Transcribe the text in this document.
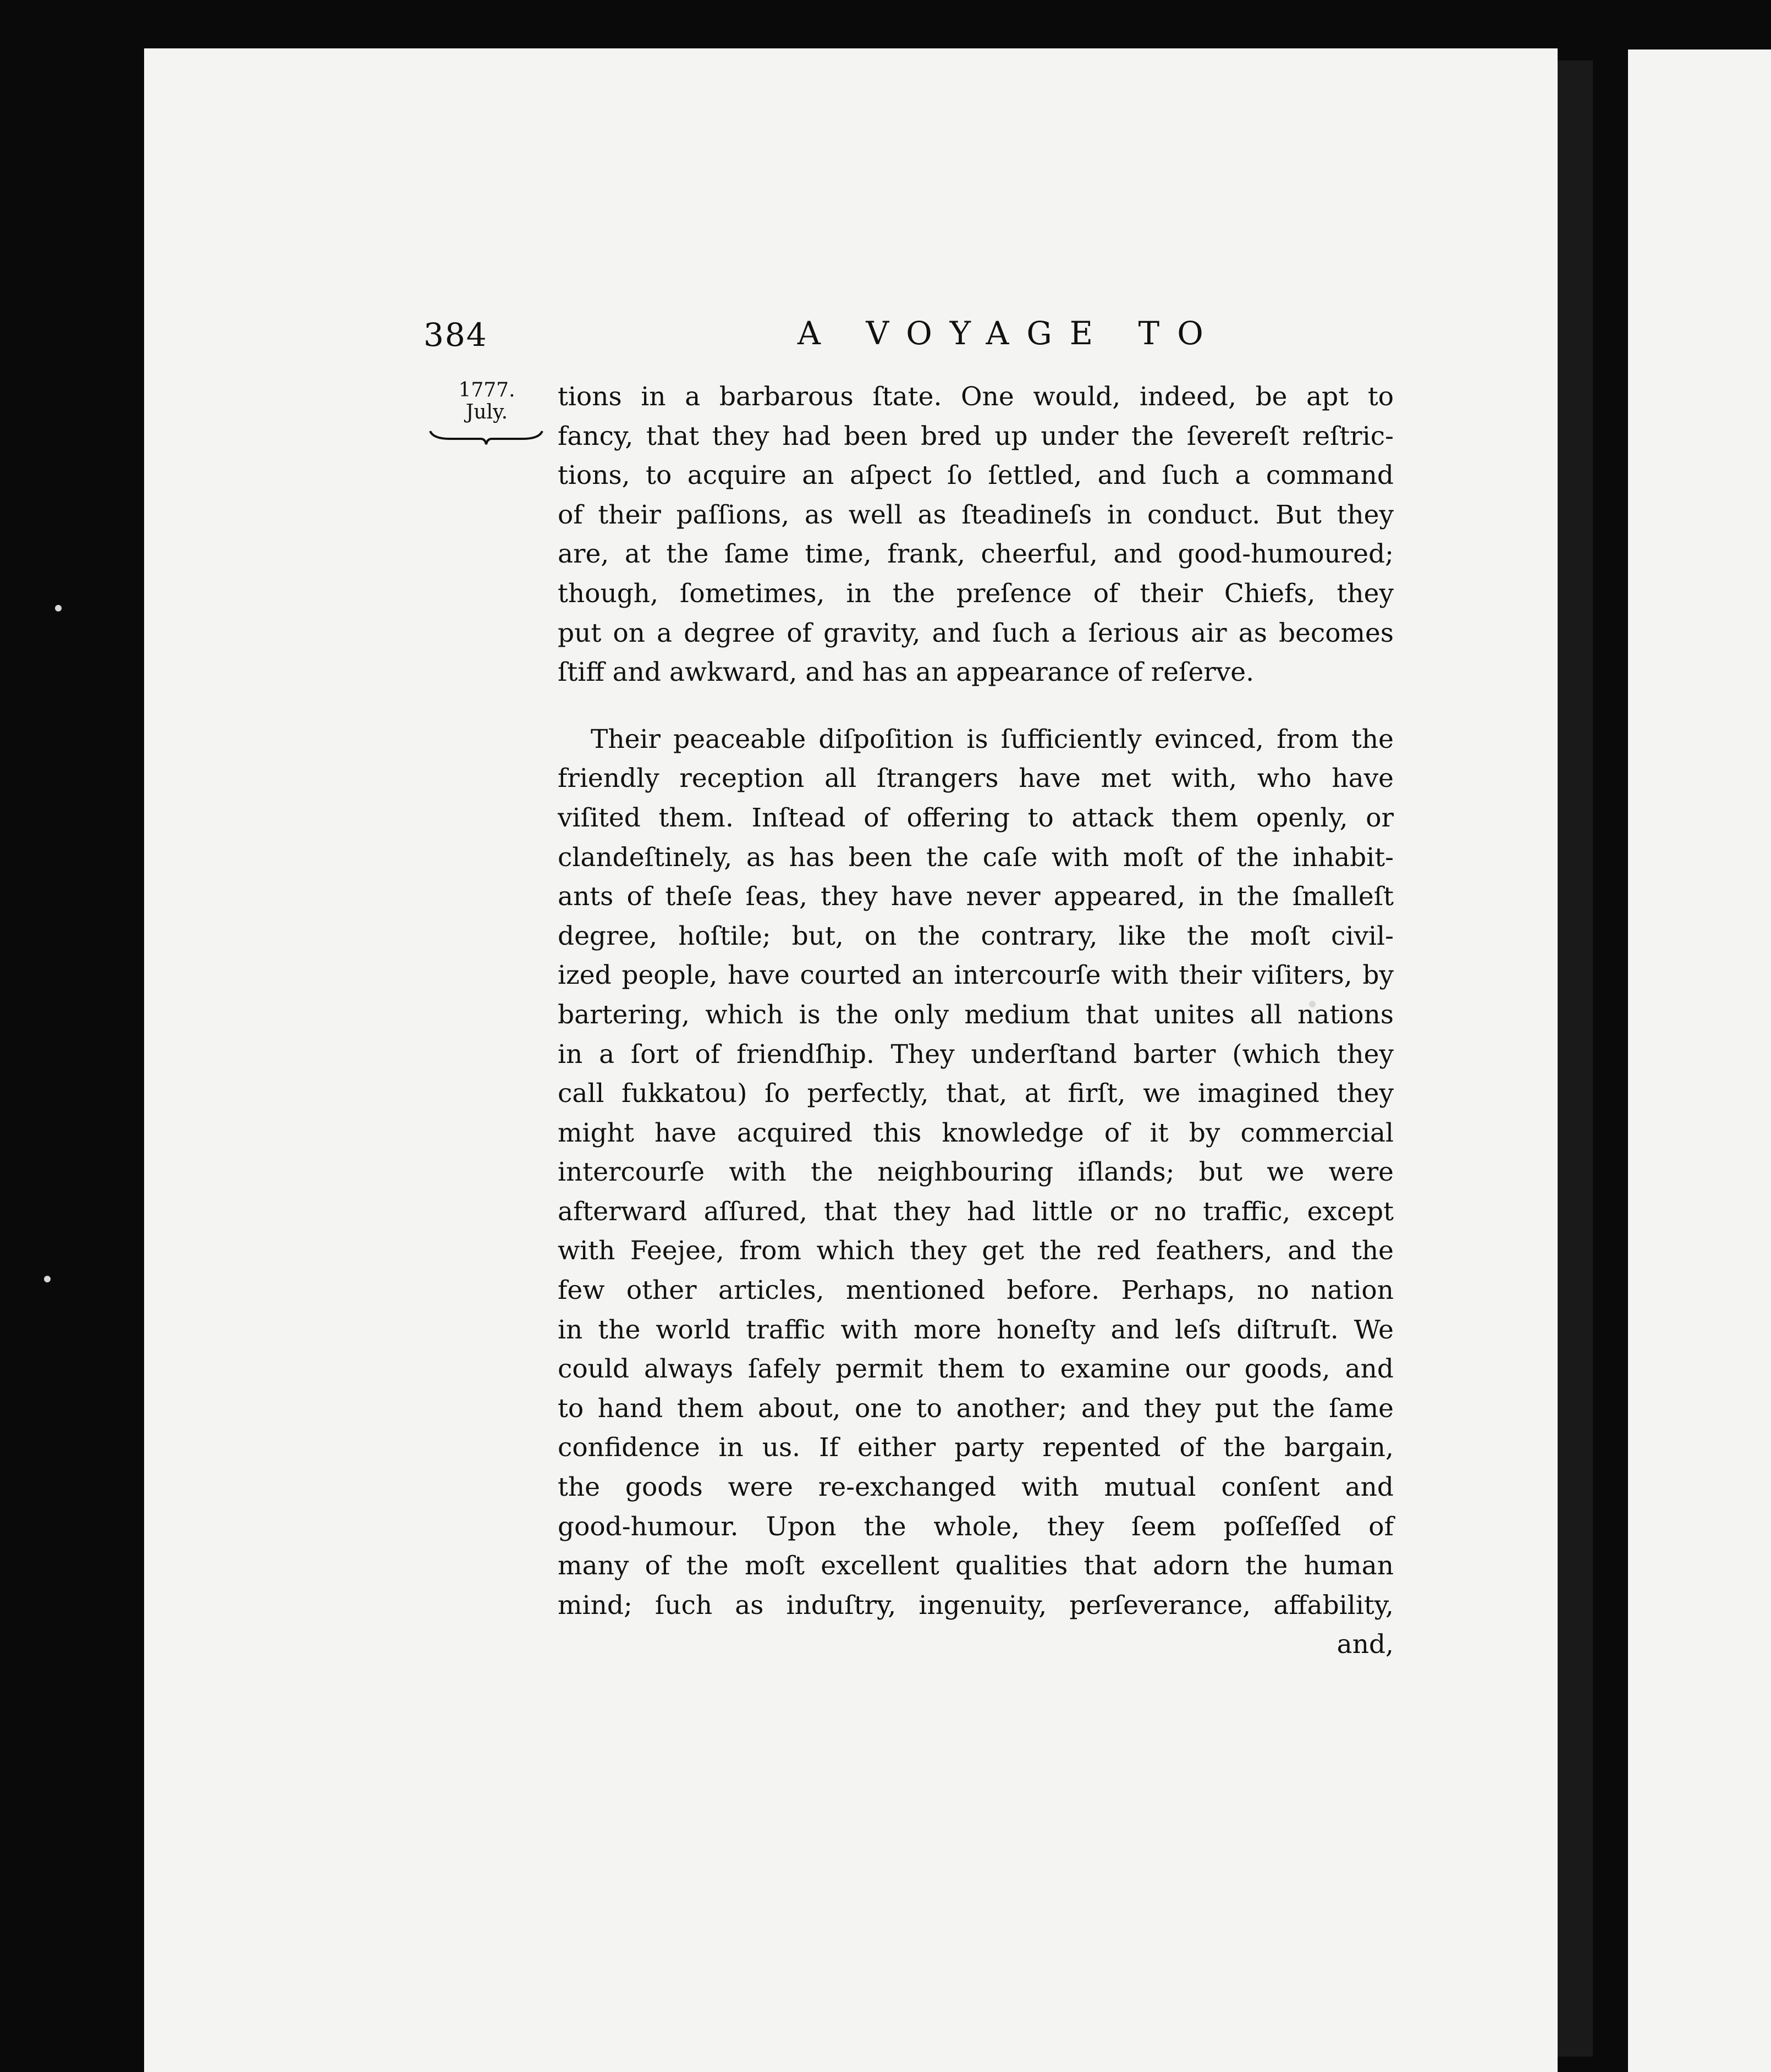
384	A VOYAGE TO
1777.
July.
tions in a barbarous ſtate. One would, indeed, be apt to
fancy, that they had been bred up under the ſevereſt reſtric-
tions, to acquire an aſpect ſo ſettled, and ſuch a command
of their paſſions, as well as ſteadineſs in conduct. But they
are, at the ſame time, frank, cheerful, and good-humoured;
though, ſometimes, in the preſence of their Chiefs, they
put on a degree of gravity, and ſuch a ſerious air as becomes
ſtiff and awkward, and has an appearance of reſerve.
Their peaceable diſpoſition is ſufficiently evinced, from the
friendly reception all ſtrangers have met with, who have
viſited them. Inſtead of offering to attack them openly, or
clandeſtinely, as has been the caſe with moſt of the inhabit-
ants of theſe ſeas, they have never appeared, in the ſmalleſt
degree, hoſtile; but, on the contrary, like the moſt civil-
ized people, have courted an intercourſe with their viſiters, by
bartering, which is the only medium that unites all nations
in a ſort of friendſhip. They underſtand barter (which they
call fukkatou) ſo perfectly, that, at firſt, we imagined they
might have acquired this knowledge of it by commercial
intercourſe with the neighbouring iſlands; but we were
afterward aſſured, that they had little or no traffic, except
with Feejee, from which they get the red feathers, and the
few other articles, mentioned before. Perhaps, no nation
in the world traffic with more honeſty and leſs diſtruſt. We
could always ſafely permit them to examine our goods, and
to hand them about, one to another; and they put the ſame
confidence in us. If either party repented of the bargain,
the goods were re-exchanged with mutual conſent and
good-humour. Upon the whole, they ſeem poſſeſſed of
many of the moſt excellent qualities that adorn the human
mind; ſuch as induſtry, ingenuity, perſeverance, affability,
and,
